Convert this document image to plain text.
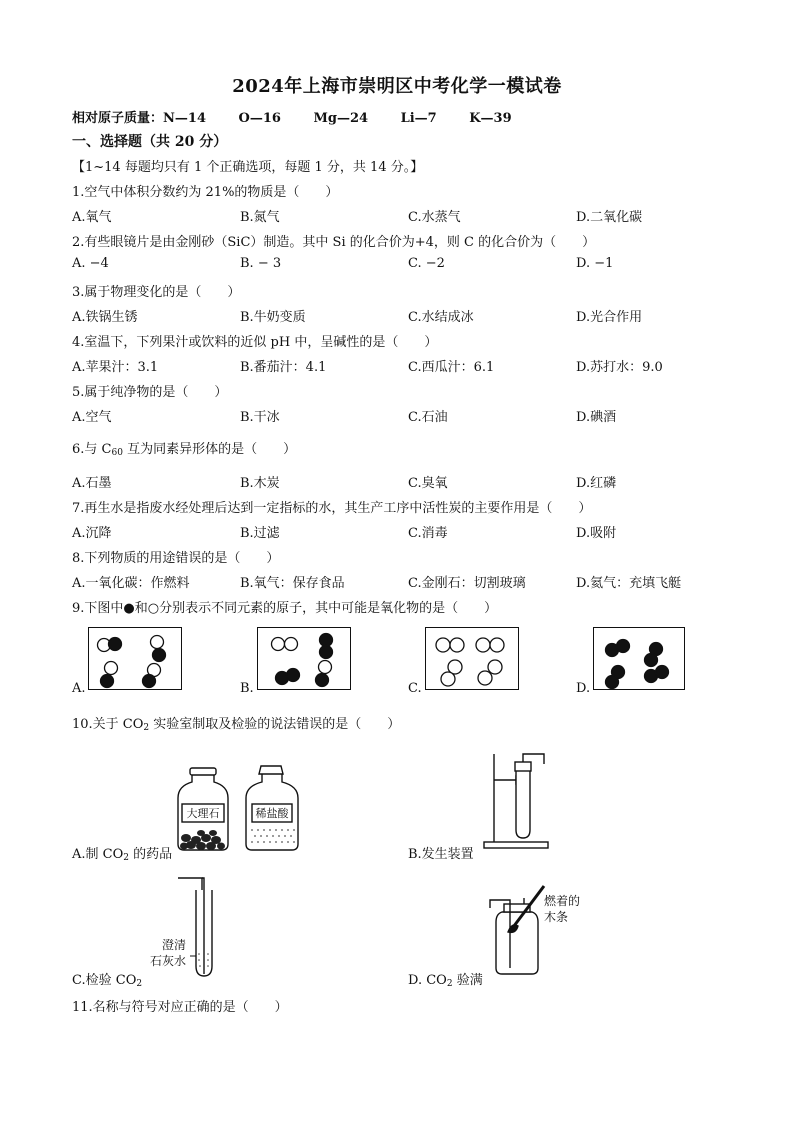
2024年上海市崇明区中考化学一模试卷
相对原子质量：N—14	O—16	Mg—24	Li—7	K—39
一、选择题（共 20 分）
【1~14 每题均只有 1 个正确选项，每题 1 分，共 14 分。】
1.空气中体积分数约为 21%的物质是（　　）
A.氧气	B.氮气	C.水蒸气	D.二氧化碳
2.有些眼镜片是由金刚砂（SiC）制造。其中 Si 的化合价为+4，则 C 的化合价为（　　）
A. −4	B. − 3	C. −2	D. −1
3.属于物理变化的是（　　）
A.铁锅生锈	B.牛奶变质	C.水结成冰	D.光合作用
4.室温下，下列果汁或饮料的近似 pH 中，呈碱性的是（　　）
A.苹果汁：3.1	B.番茄汁：4.1	C.西瓜汁：6.1	D.苏打水：9.0
5.属于纯净物的是（　　）
A.空气	B.干冰	C.石油	D.碘酒
6.与 $C_{60}$ 互为同素异形体的是（　　）
A.石墨	B.木炭	C.臭氧	D.红磷
7.再生水是指废水经处理后达到一定指标的水，其生产工序中活性炭的主要作用是（　　）
A.沉降	B.过滤	C.消毒	D.吸附
8.下列物质的用途错误的是（　　）
A.一氧化碳：作燃料	B.氧气：保存食品	C.金刚石：切割玻璃	D.氦气：充填飞艇
9.下图中●和○分别表示不同元素的原子，其中可能是氧化物的是（　　）
A.	B.	C.	D.
10.关于 $CO_2$ 实验室制取及检验的说法错误的是（　　）
大理石	稀盐酸
A.制 $CO_2$ 的药品	B.发生装置
澄清
石灰水
C.检验 $CO_2$
燃着的
木条
D. $CO_2$ 验满
11.名称与符号对应正确的是（　　）
